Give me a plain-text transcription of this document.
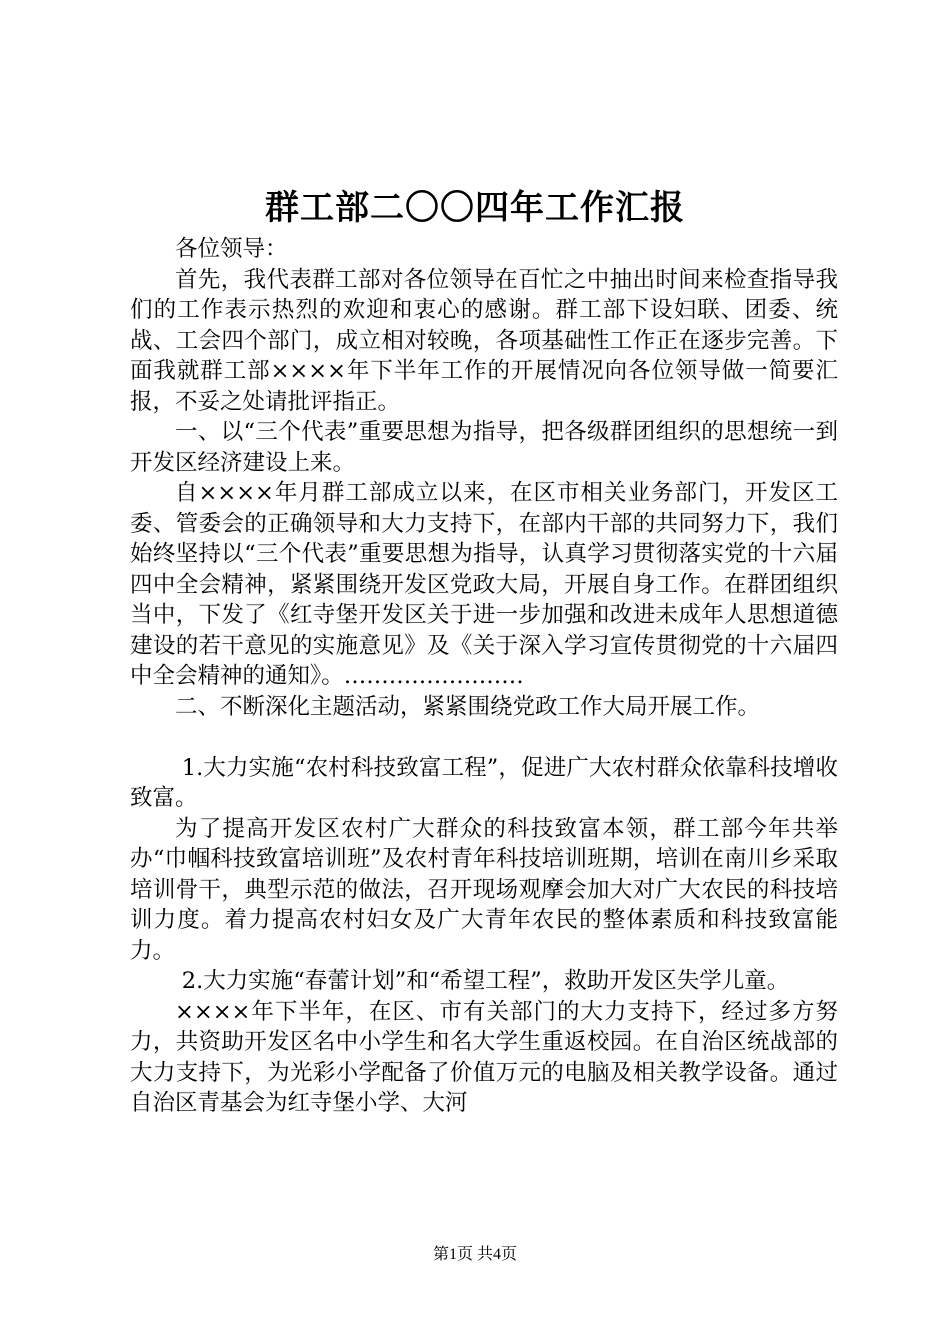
群工部二〇〇四年工作汇报

各位领导：

首先，我代表群工部对各位领导在百忙之中抽出时间来检查指导我们的工作表示热烈的欢迎和衷心的感谢。群工部下设妇联、团委、统战、工会四个部门，成立相对较晚，各项基础性工作正在逐步完善。下面我就群工部××××年下半年工作的开展情况向各位领导做一简要汇报，不妥之处请批评指正。

一、以“三个代表”重要思想为指导，把各级群团组织的思想统一到开发区经济建设上来。

自××××年月群工部成立以来，在区市相关业务部门，开发区工委、管委会的正确领导和大力支持下，在部内干部的共同努力下，我们始终坚持以“三个代表”重要思想为指导，认真学习贯彻落实党的十六届四中全会精神，紧紧围绕开发区党政大局，开展自身工作。在群团组织当中，下发了《红寺堡开发区关于进一步加强和改进未成年人思想道德建设的若干意见的实施意见》及《关于深入学习宣传贯彻党的十六届四中全会精神的通知》。……………………

二、不断深化主题活动，紧紧围绕党政工作大局开展工作。

1.大力实施“农村科技致富工程”，促进广大农村群众依靠科技增收致富。

为了提高开发区农村广大群众的科技致富本领，群工部今年共举办“巾帼科技致富培训班”及农村青年科技培训班期，培训在南川乡采取培训骨干，典型示范的做法，召开现场观摩会加大对广大农民的科技培训力度。着力提高农村妇女及广大青年农民的整体素质和科技致富能力。

2.大力实施“春蕾计划”和“希望工程”，救助开发区失学儿童。

××××年下半年，在区、市有关部门的大力支持下，经过多方努力，共资助开发区名中小学生和名大学生重返校园。在自治区统战部的大力支持下，为光彩小学配备了价值万元的电脑及相关教学设备。通过自治区青基会为红寺堡小学、大河

第1页 共4页
